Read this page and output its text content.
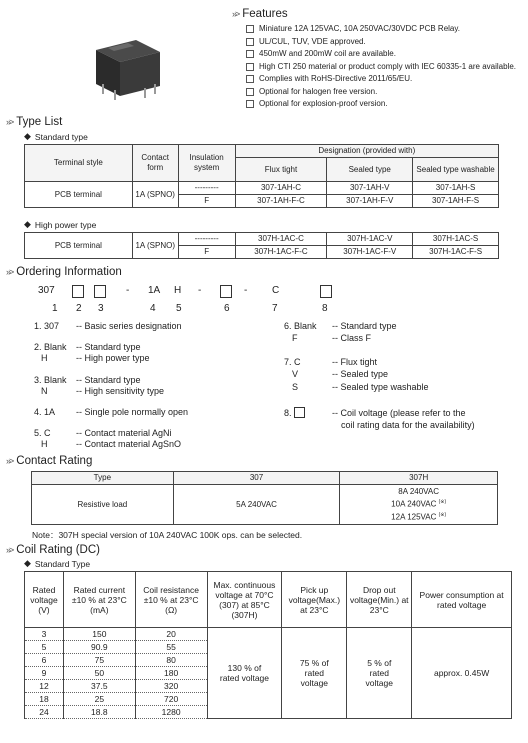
»> Features
Miniature 12A 125VAC, 10A 250VAC/30VDC PCB Relay.
UL/CUL, TUV, VDE approved.
450mW and 200mW coil are available.
High CTI 250 material or product comply with IEC 60335-1 are available.
Complies with RoHS-Directive 2011/65/EU.
Optional for halogen free version.
Optional for explosion-proof version.
»> Type List
◆ Standard type
Terminal style	Contact form	Insulation system	Designation (provided with)		
			Flux tight	Sealed type	Sealed type washable
PCB terminal	1A (SPNO)	---------	307-1AH-C	307-1AH-V	307-1AH-S
		F	307-1AH-F-C	307-1AH-F-V	307-1AH-F-S
◆ High power type
PCB terminal	1A (SPNO)	---------	307H-1AC-C	307H-1AC-V	307H-1AC-S
		F	307H-1AC-F-C	307H-1AC-F-V	307H-1AC-F-S
»> Ordering Information
307	- 1A H -	- C
1 2 3	4 5	6	7	8
1. 307 -- Basic series designation
2. Blank -- Standard type
H	-- High power type
3. Blank -- Standard type
N	-- High sensitivity type
4. 1A -- Single pole normally open
5. C	-- Contact material AgNi
H	-- Contact material AgSnO
6. Blank -- Standard type
F	-- Class F
7. C	-- Flux tight
V	-- Sealed type
S	-- Sealed type washable
8.	-- Coil voltage (please refer to the
coil rating data for the availability)
»> Contact Rating
Type	307	307H
Resistive load	5A 240VAC	8A 240VAC
10A 240VAC (※)
12A 125VAC (※)
Note：307H special version of 10A 240VAC 100K ops. can be selected.
»> Coil Rating (DC)
◆ Standard Type
Rated voltage (V)	Rated current ±10 % at 23°C (mA)	Coil resistance ±10 % at 23°C (Ω)	Max. continuous voltage at 70°C (307) at 85°C (307H)	Pick up voltage(Max.) at 23°C	Drop out voltage(Min.) at 23°C	Power consumption at rated voltage
3	150	20	130 % of rated voltage	75 % of rated voltage	5 % of rated voltage	approx. 0.45W
5	90.9	55				
6	75	80				
9	50	180				
12	37.5	320				
18	25	720				
24	18.8	1280				
